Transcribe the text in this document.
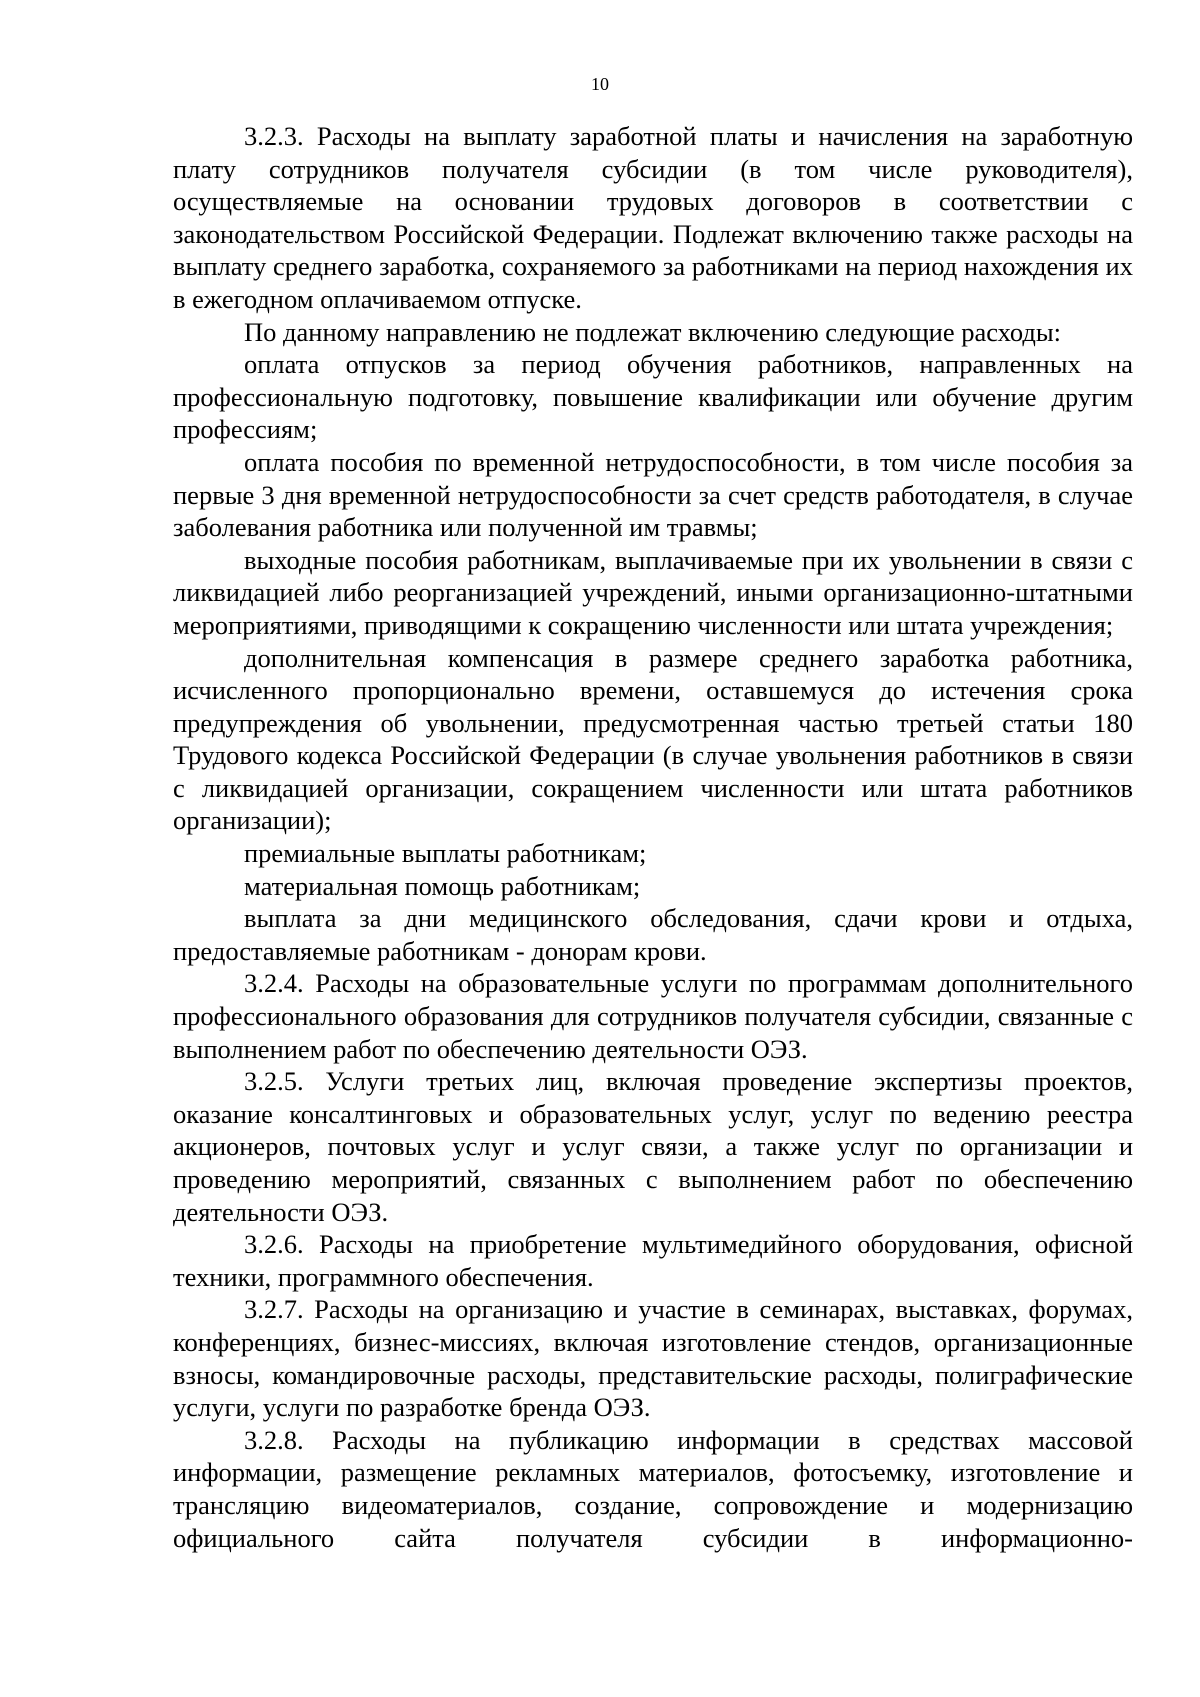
10

3.2.3. Расходы на выплату заработной платы и начисления на заработную плату сотрудников получателя субсидии (в том числе руководителя), осуществляемые на основании трудовых договоров в соответствии с законодательством Российской Федерации. Подлежат включению также расходы на выплату среднего заработка, сохраняемого за работниками на период нахождения их в ежегодном оплачиваемом отпуске.

По данному направлению не подлежат включению следующие расходы:

оплата отпусков за период обучения работников, направленных на профессиональную подготовку, повышение квалификации или обучение другим профессиям;

оплата пособия по временной нетрудоспособности, в том числе пособия за первые 3 дня временной нетрудоспособности за счет средств работодателя, в случае заболевания работника или полученной им травмы;

выходные пособия работникам, выплачиваемые при их увольнении в связи с ликвидацией либо реорганизацией учреждений, иными организационно-штатными мероприятиями, приводящими к сокращению численности или штата учреждения;

дополнительная компенсация в размере среднего заработка работника, исчисленного пропорционально времени, оставшемуся до истечения срока предупреждения об увольнении, предусмотренная частью третьей статьи 180 Трудового кодекса Российской Федерации (в случае увольнения работников в связи с ликвидацией организации, сокращением численности или штата работников организации);

премиальные выплаты работникам;

материальная помощь работникам;

выплата за дни медицинского обследования, сдачи крови и отдыха, предоставляемые работникам - донорам крови.

3.2.4. Расходы на образовательные услуги по программам дополнительного профессионального образования для сотрудников получателя субсидии, связанные с выполнением работ по обеспечению деятельности ОЭЗ.

3.2.5. Услуги третьих лиц, включая проведение экспертизы проектов, оказание консалтинговых и образовательных услуг, услуг по ведению реестра акционеров, почтовых услуг и услуг связи, а также услуг по организации и проведению мероприятий, связанных с выполнением работ по обеспечению деятельности ОЭЗ.

3.2.6. Расходы на приобретение мультимедийного оборудования, офисной техники, программного обеспечения.

3.2.7. Расходы на организацию и участие в семинарах, выставках, форумах, конференциях, бизнес-миссиях, включая изготовление стендов, организационные взносы, командировочные расходы, представительские расходы, полиграфические услуги, услуги по разработке бренда ОЭЗ.

3.2.8. Расходы на публикацию информации в средствах массовой информации, размещение рекламных материалов, фотосъемку, изготовление и трансляцию видеоматериалов, создание, сопровождение и модернизацию официального сайта получателя субсидии в информационно-
